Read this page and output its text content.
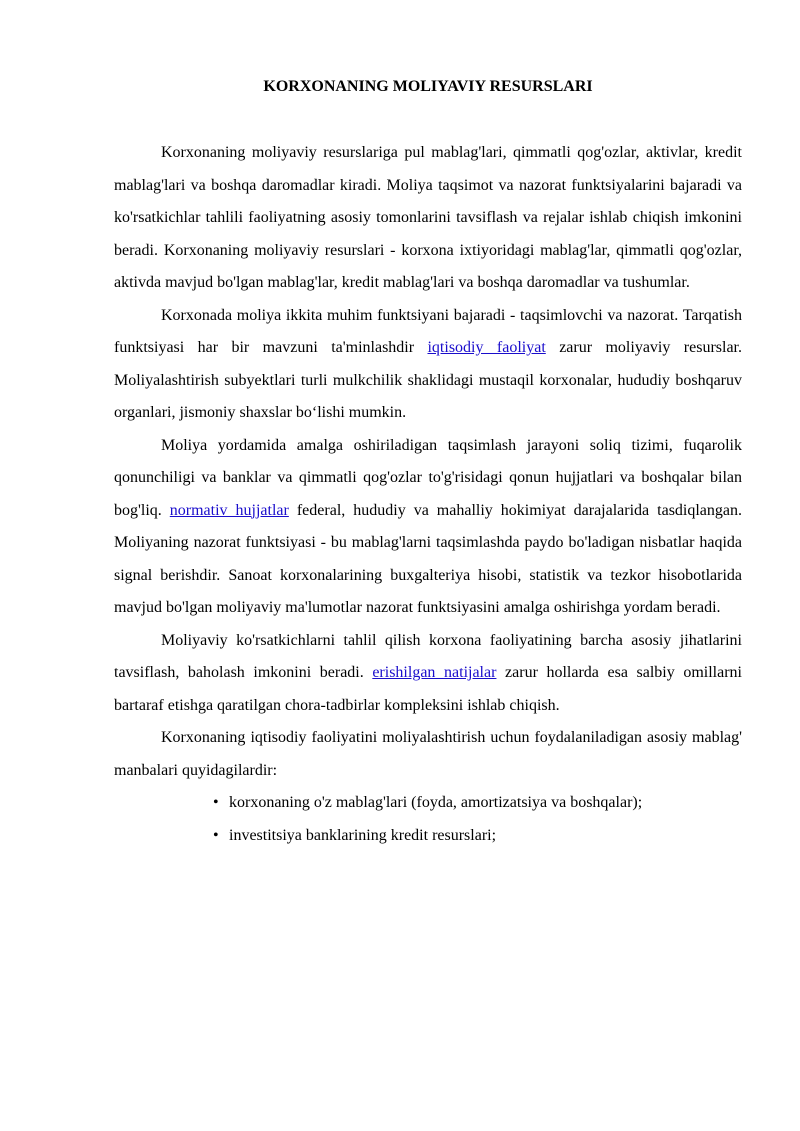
KORXONANING MOLIYAVIY RESURSLARI

Korxonaning moliyaviy resurslariga pul mablag'lari, qimmatli qog'ozlar, aktivlar, kredit mablag'lari va boshqa daromadlar kiradi. Moliya taqsimot va nazorat funktsiyalarini bajaradi va ko'rsatkichlar tahlili faoliyatning asosiy tomonlarini tavsiflash va rejalar ishlab chiqish imkonini beradi. Korxonaning moliyaviy resurslari - korxona ixtiyoridagi mablag'lar, qimmatli qog'ozlar, aktivda mavjud bo'lgan mablag'lar, kredit mablag'lari va boshqa daromadlar va tushumlar.

Korxonada moliya ikkita muhim funktsiyani bajaradi - taqsimlovchi va nazorat. Tarqatish funktsiyasi har bir mavzuni ta'minlashdir iqtisodiy faoliyat zarur moliyaviy resurslar. Moliyalashtirish subyektlari turli mulkchilik shaklidagi mustaqil korxonalar, hududiy boshqaruv organlari, jismoniy shaxslar boʻlishi mumkin.

Moliya yordamida amalga oshiriladigan taqsimlash jarayoni soliq tizimi, fuqarolik qonunchiligi va banklar va qimmatli qog'ozlar to'g'risidagi qonun hujjatlari va boshqalar bilan bog'liq. normativ hujjatlar federal, hududiy va mahalliy hokimiyat darajalarida tasdiqlangan. Moliyaning nazorat funktsiyasi - bu mablag'larni taqsimlashda paydo bo'ladigan nisbatlar haqida signal berishdir. Sanoat korxonalarining buxgalteriya hisobi, statistik va tezkor hisobotlarida mavjud bo'lgan moliyaviy ma'lumotlar nazorat funktsiyasini amalga oshirishga yordam beradi.

Moliyaviy ko'rsatkichlarni tahlil qilish korxona faoliyatining barcha asosiy jihatlarini tavsiflash, baholash imkonini beradi. erishilgan natijalar zarur hollarda esa salbiy omillarni bartaraf etishga qaratilgan chora-tadbirlar kompleksini ishlab chiqish.

Korxonaning iqtisodiy faoliyatini moliyalashtirish uchun foydalaniladigan asosiy mablag' manbalari quyidagilardir:

• korxonaning o'z mablag'lari (foyda, amortizatsiya va boshqalar);
• investitsiya banklarining kredit resurslari;
